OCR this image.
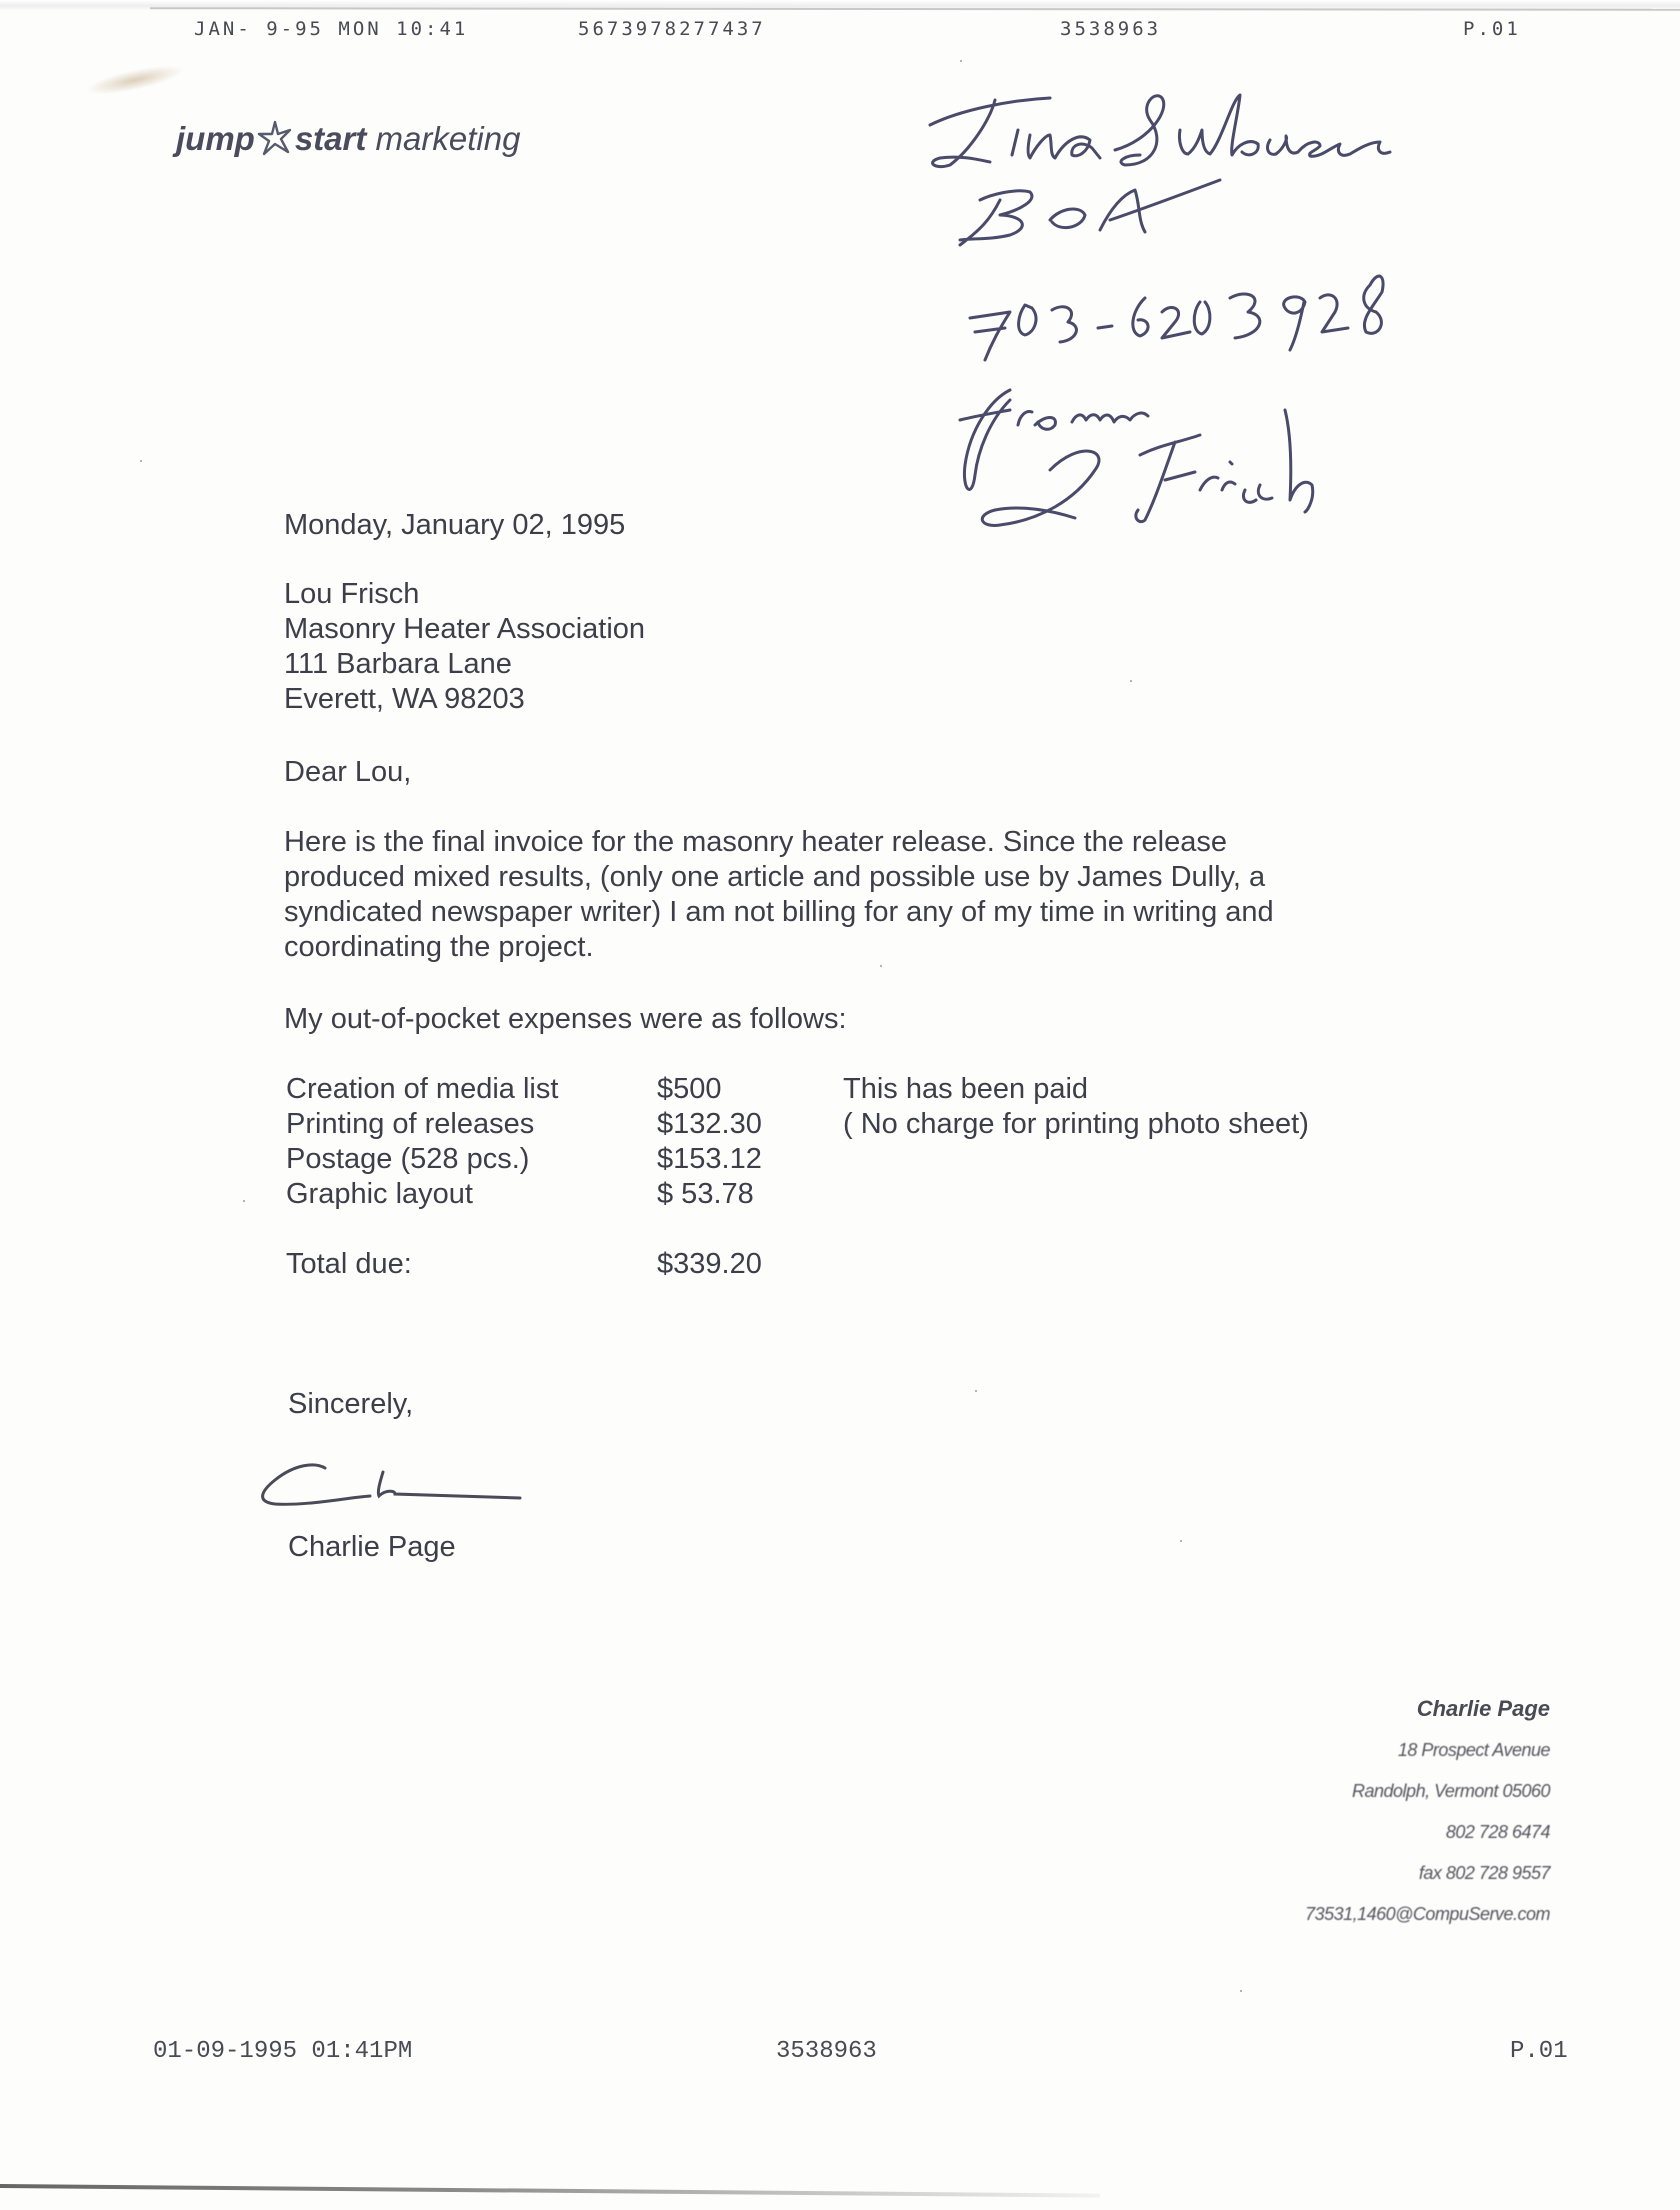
JAN- 9-95 MON 10:41	5673978277437	3538963	P.01
jump start marketing
Monday, January 02, 1995
Lou Frisch
Masonry Heater Association
111 Barbara Lane
Everett, WA 98203
Dear Lou,
Here is the final invoice for the masonry heater release. Since the release
produced mixed results, (only one article and possible use by James Dully, a
syndicated newspaper writer) I am not billing for any of my time in writing and
coordinating the project.
My out-of-pocket expenses were as follows:
Creation of media list	$500	This has been paid
Printing of releases	$132.30	( No charge for printing photo sheet)
Postage (528 pcs.)	$153.12
Graphic layout	$ 53.78
Total due:	$339.20
Sincerely,
Charlie Page
Charlie Page
18 Prospect Avenue
Randolph, Vermont 05060
802 728 6474
fax 802 728 9557
73531,1460@CompuServe.com
01-09-1995 01:41PM	3538963	P.01
